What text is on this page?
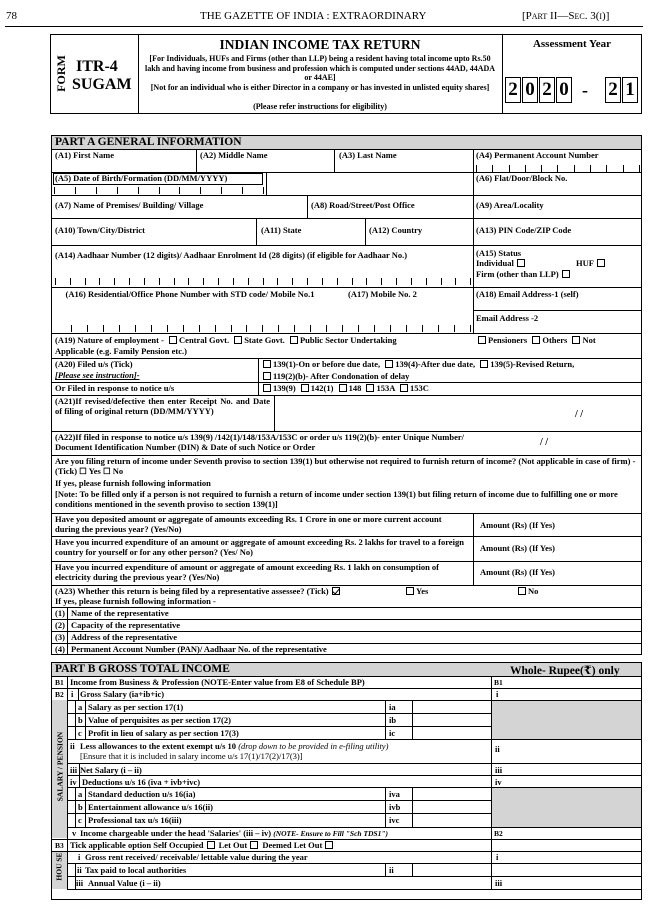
78	THE GAZETTE OF INDIA : EXTRAORDINARY	[Part II—Sec. 3(i)]
FORM ITR-4
SUGAM
INDIAN INCOME TAX RETURN
[For Individuals, HUFs and Firms (other than LLP) being a resident having total income upto Rs.50 lakh and having income from business and profession which is computed under sections 44AD, 44ADA or 44AE]
[Not for an individual who is either Director in a company or has invested in unlisted equity shares]
(Please refer instructions for eligibility)
Assessment Year
2 0 2 0 - 2 1
PART A GENERAL INFORMATION
(A1) First Name	(A2) Middle Name	(A3) Last Name	(A4) Permanent Account Number
(A5) Date of Birth/Formation (DD/MM/YYYY)	(A6) Flat/Door/Block No.
(A7) Name of Premises/ Building/ Village	(A8) Road/Street/Post Office	(A9) Area/Locality
(A10) Town/City/District	(A11) State	(A12) Country	(A13) PIN Code/ZIP Code
(A14) Aadhaar Number (12 digits)/ Aadhaar Enrolment Id (28 digits) (if eligible for Aadhaar No.)	(A15) Status
Individual	HUF
Firm (other than LLP)
(A16) Residential/Office Phone Number with STD code/ Mobile No.1	(A17) Mobile No. 2	(A18) Email Address-1 (self)
Email Address -2
(A19) Nature of employment - Central Govt. State Govt. Public Sector Undertaking	Pensioners Others Not
Applicable (e.g. Family Pension etc.)
(A20) Filed u/s (Tick)
[Please see instruction]-
Or Filed in response to notice u/s
139(1)-On or before due date, 139(4)-After due date, 139(5)-Revised Return,
119(2)(b)- After Condonation of delay
139(9) 142(1) 148 153A 153C
(A21)If revised/defective then enter Receipt No. and Date of filing of original return (DD/MM/YYYY)	/ /
(A22)If filed in response to notice u/s 139(9) /142(1)/148/153A/153C or order u/s 119(2)(b)- enter Unique Number/ Document Identification Number (DIN) & Date of such Notice or Order	/ /
Are you filing return of income under Seventh proviso to section 139(1) but otherwise not required to furnish return of income? (Not applicable in case of firm) - (Tick) ☐ Yes ☐ No
If yes, please furnish following information
[Note: To be filled only if a person is not required to furnish a return of income under section 139(1) but filing return of income due to fulfilling one or more conditions mentioned in the seventh proviso to section 139(1)]
Have you deposited amount or aggregate of amounts exceeding Rs. 1 Crore in one or more current account during the previous year? (Yes/No)	Amount (Rs) (If Yes)
Have you incurred expenditure of an amount or aggregate of amount exceeding Rs. 2 lakhs for travel to a foreign country for yourself or for any other person? (Yes/ No)	Amount (Rs) (If Yes)
Have you incurred expenditure of amount or aggregate of amount exceeding Rs. 1 lakh on consumption of electricity during the previous year? (Yes/No)	Amount (Rs) (If Yes)
(A23) Whether this return is being filed by a representative assessee? (Tick)	Yes	No
If yes, please furnish following information -
(1) Name of the representative
(2) Capacity of the representative
(3) Address of the representative
(4) Permanent Account Number (PAN)/ Aadhaar No. of the representative
PART B GROSS TOTAL INCOME	Whole- Rupee(₹) only
SALARY / PENSION
HOU SE
B1 Income from Business & Profession (NOTE-Enter value from E8 of Schedule BP)	B1
B2 i Gross Salary (ia+ib+ic)	i
a Salary as per section 17(1)	ia
b Value of perquisites as per section 17(2)	ib
c Profit in lieu of salary as per section 17(3)	ic
ii Less allowances to the extent exempt u/s 10 (drop down to be provided in e-filing utility)
[Ensure that it is included in salary income u/s 17(1)/17(2)/17(3)]
ii
iii Net Salary (i – ii)	iii
iv Deductions u/s 16 (iva + ivb+ivc)	iv
a Standard deduction u/s 16(ia)	iva
b Entertainment allowance u/s 16(ii)	ivb
c Professional tax u/s 16(iii)	ivc
v Income chargeable under the head 'Salaries' (iii – iv) (NOTE- Ensure to Fill "Sch TDS1")	B2
B3 Tick applicable option Self Occupied Let Out Deemed Let Out
i Gross rent received/ receivable/ lettable value during the year	i
ii Tax paid to local authorities	ii
iii Annual Value (i – ii)	iii
